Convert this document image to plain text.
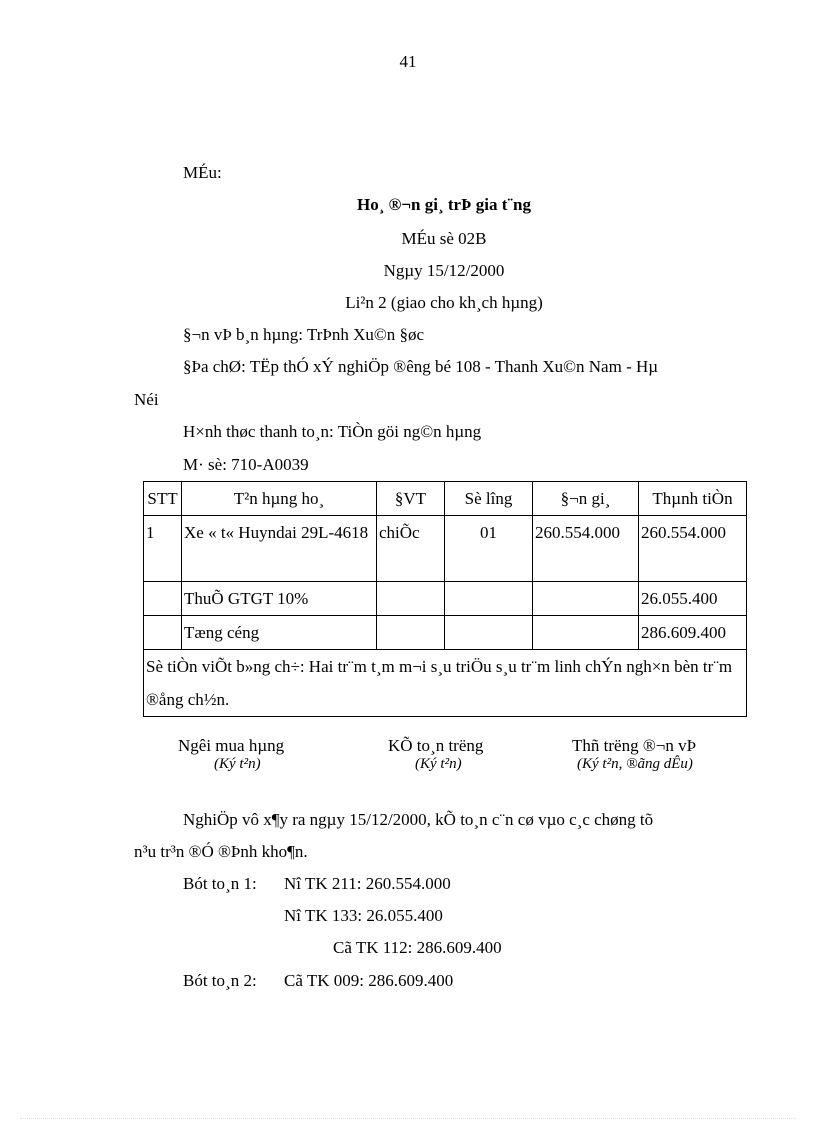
41
MÉu:
Ho¸ ®¬n gi¸ trÞ gia t¨ng
MÉu sè 02B
Ngµy 15/12/2000
Li²n 2 (giao cho kh¸ch hµng)
§¬n vÞ b¸n hµng: TrÞnh Xu©n §øc
§Þa chØ: TËp thÓ xÝ nghiÖp ®êng bé 108 - Thanh Xu©n Nam - Hµ
Néi
H×nh thøc thanh to¸n: TiÒn göi ng©n hµng
M· sè: 710-A0039
STT	T²n hµng ho¸	§VT	Sè lîng	§¬n gi¸	Thµnh tiÒn
1	Xe « t« Huyndai 29L-4618	chiÕc	01	260.554.000	260.554.000
	ThuÕ GTGT 10%				26.055.400
	Tæng céng				286.609.400
Sè tiÒn viÕt b»ng ch÷: Hai tr¨m t¸m m¬i s¸u triÖu s¸u tr¨m linh chÝn ngh×n bèn tr¨m ®ång ch½n.					
Ngêi mua hµng
(Ký t²n)
KÕ to¸n trëng
(Ký t²n)
Thñ trëng ®¬n vÞ
(Ký t²n, ®ãng dÊu)
NghiÖp vô x¶y ra ngµy 15/12/2000, kÕ to¸n c¨n cø vµo c¸c chøng tõ
n³u tr³n ®Ó ®Þnh kho¶n.
Bót to¸n 1: Nî TK 211: 260.554.000
Nî TK 133: 26.055.400
Cã TK 112: 286.609.400
Bót to¸n 2: Cã TK 009: 286.609.400
